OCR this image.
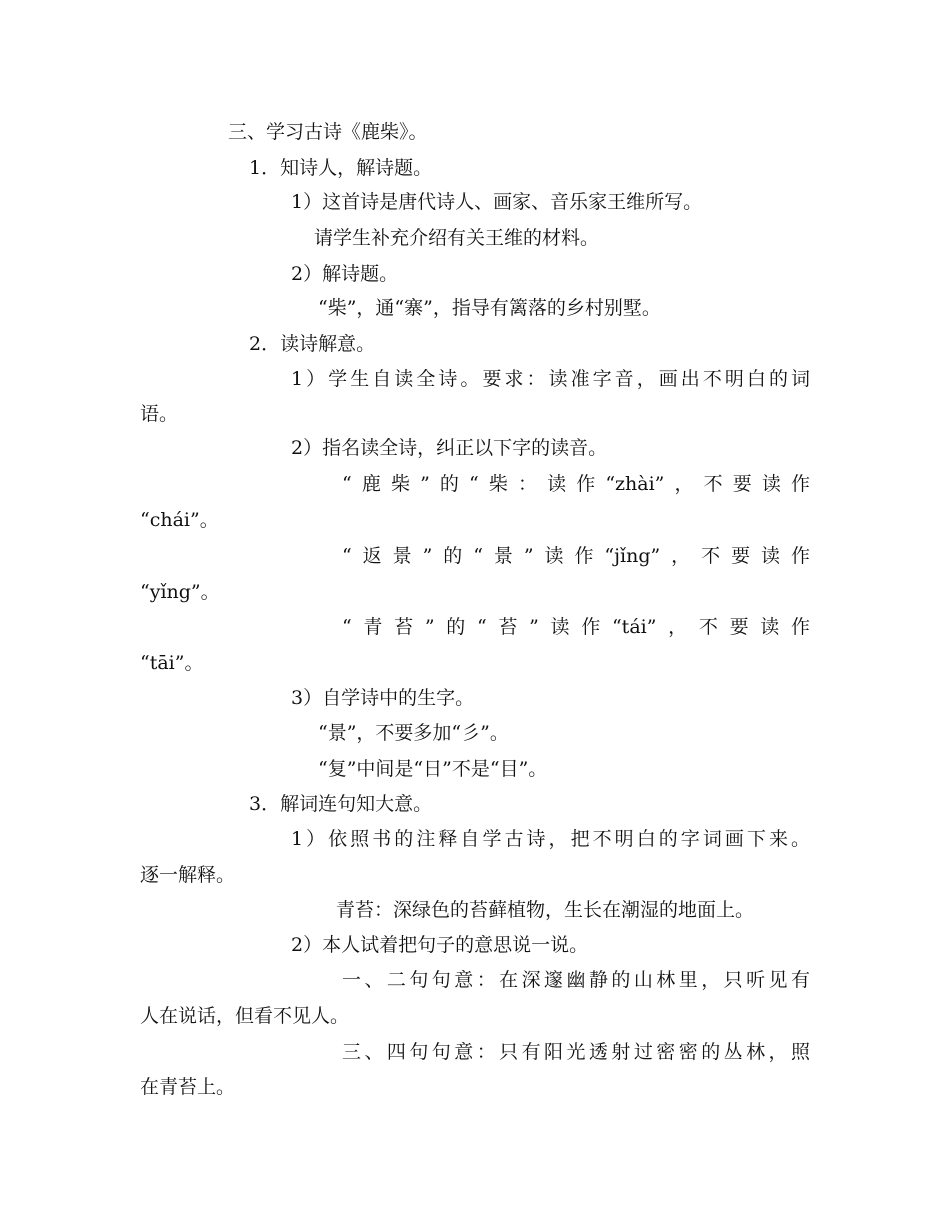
三、学习古诗《鹿柴》。
1．知诗人，解诗题。
1）这首诗是唐代诗人、画家、音乐家王维所写。
请学生补充介绍有关王维的材料。
2）解诗题。
“柴”，通“寨”，指导有篱落的乡村别墅。
2．读诗解意。
1）学生自读全诗。要求：读准字音，画出不明白的词
语。
2）指名读全诗，纠正以下字的读音。
“鹿柴”的“柴：读作“zhài”，不要读作
“chái”。
“返景”的“景”读作“jǐng”，不要读作
“yǐng”。
“青苔”的“苔”读作“tái”，不要读作
“tāi”。
3）自学诗中的生字。
“景”，不要多加“彡”。
“复”中间是“日”不是“目”。
3．解词连句知大意。
1）依照书的注释自学古诗，把不明白的字词画下来。
逐一解释。
青苔：深绿色的苔藓植物，生长在潮湿的地面上。
2）本人试着把句子的意思说一说。
一、二句句意：在深邃幽静的山林里，只听见有
人在说话，但看不见人。
三、四句句意：只有阳光透射过密密的丛林，照
在青苔上。
